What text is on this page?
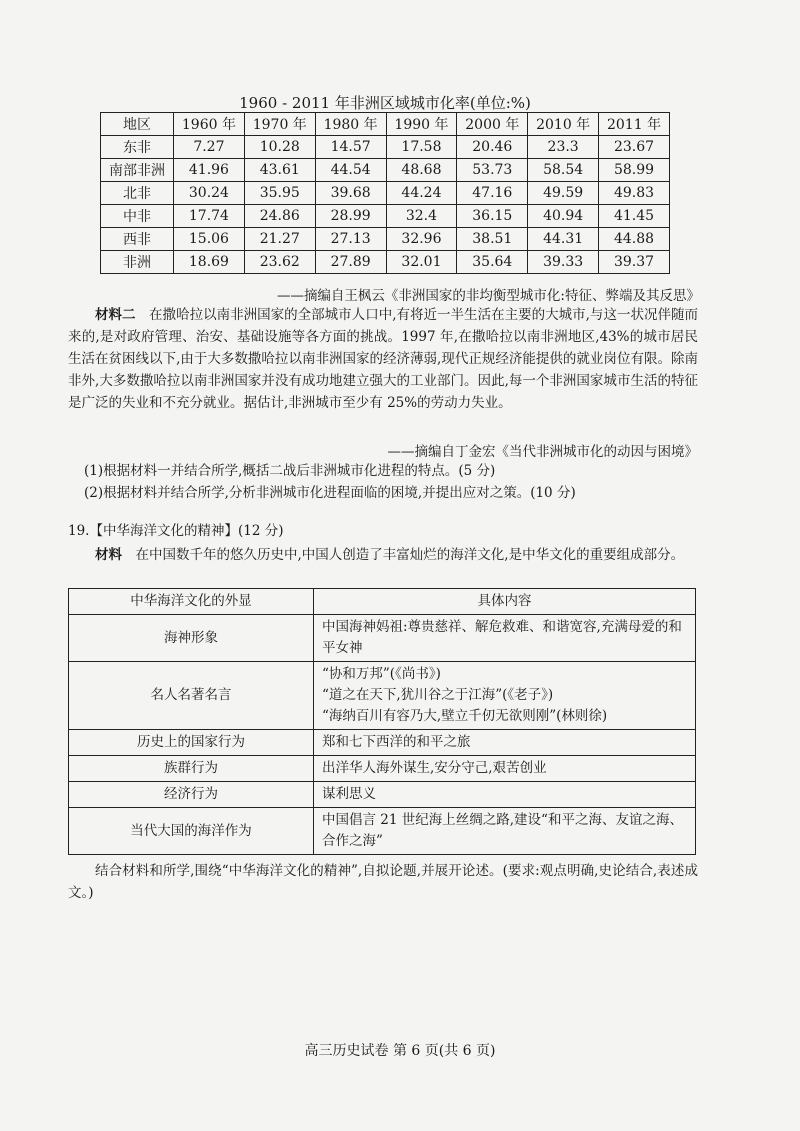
1960 - 2011 年非洲区域城市化率(单位:%)
地区	1960 年	1970 年	1980 年	1990 年	2000 年	2010 年	2011 年
东非	7.27	10.28	14.57	17.58	20.46	23.3	23.67
南部非洲	41.96	43.61	44.54	48.68	53.73	58.54	58.99
北非	30.24	35.95	39.68	44.24	47.16	49.59	49.83
中非	17.74	24.86	28.99	32.4	36.15	40.94	41.45
西非	15.06	21.27	27.13	32.96	38.51	44.31	44.88
非洲	18.69	23.62	27.89	32.01	35.64	39.33	39.37
——摘编自王枫云《非洲国家的非均衡型城市化:特征、弊端及其反思》
材料二　 在撒哈拉以南非洲国家的全部城市人口中,有将近一半生活在主要的大城市,与这一状况伴随而来的,是对政府管理、治安、基础设施等各方面的挑战。1997 年,在撒哈拉以南非洲地区,43%的城市居民生活在贫困线以下,由于大多数撒哈拉以南非洲国家的经济薄弱,现代正规经济能提供的就业岗位有限。除南非外,大多数撒哈拉以南非洲国家并没有成功地建立强大的工业部门。因此,每一个非洲国家城市生活的特征是广泛的失业和不充分就业。据估计,非洲城市至少有 25%的劳动力失业。
——摘编自丁金宏《当代非洲城市化的动因与困境》
(1)根据材料一并结合所学,概括二战后非洲城市化进程的特点。(5 分)
(2)根据材料并结合所学,分析非洲城市化进程面临的困境,并提出应对之策。(10 分)
19.【中华海洋文化的精神】(12 分)
材料　 在中国数千年的悠久历史中,中国人创造了丰富灿烂的海洋文化,是中华文化的重要组成部分。
中华海洋文化的外显	具体内容
海神形象	中国海神妈祖:尊贵慈祥、解危救难、和谐宽容,充满母爱的和平女神

名人名著名言	“协和万邦”(《尚书》)
“道之在天下,犹川谷之于江海”(《老子》)
“海纳百川有容乃大,壁立千仞无欲则刚”(林则徐)

历史上的国家行为	郑和七下西洋的和平之旅

族群行为	出洋华人海外谋生,安分守己,艰苦创业

经济行为	谋利思义

当代大国的海洋作为	中国倡言 21 世纪海上丝绸之路,建设“和平之海、友谊之海、合作之海”
结合材料和所学,围绕“中华海洋文化的精神”,自拟论题,并展开论述。(要求:观点明确,史论结合,表述成文。)
高三历史试卷 第 6 页(共 6 页)
